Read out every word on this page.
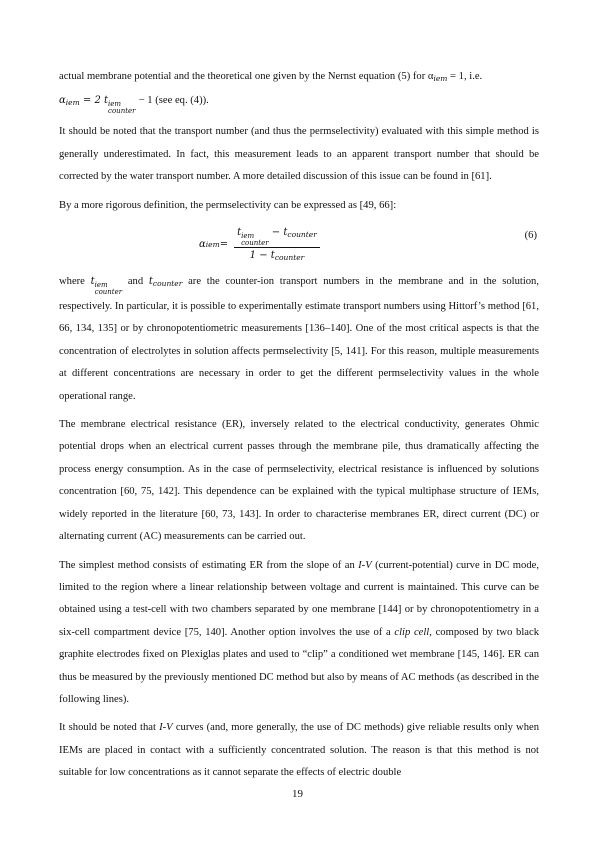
actual membrane potential and the theoretical one given by the Nernst equation (5) for $\alpha_{iem} = 1$, i.e.
$\alpha_{iem} = 2$ t iem
counter
− 1 (see eq. (4)).

It should be noted that the transport number (and thus the permselectivity) evaluated with this simple method is generally underestimated. In fact, this measurement leads to an apparent transport number that should be corrected by the water transport number. A more detailed discussion of this issue can be found in [61].

By a more rigorous definition, the permselectivity can be expressed as [49, 66]:

α iem = t iem
counter
− $t_{counter}$
$1 - t_{counter}$	(6)

where t iem
counter
and $t_{counter}$ are the counter-ion transport numbers in the membrane and in the solution, respectively. In particular, it is possible to experimentally estimate transport numbers using Hittorf’s method [61, 66, 134, 135] or by chronopotentiometric measurements [136–140]. One of the most critical aspects is that the concentration of electrolytes in solution affects permselectivity [5, 141]. For this reason, multiple measurements at different concentrations are necessary in order to get the different permselectivity values in the whole operational range.

The membrane electrical resistance (ER), inversely related to the electrical conductivity, generates Ohmic potential drops when an electrical current passes through the membrane pile, thus dramatically affecting the process energy consumption. As in the case of permselectivity, electrical resistance is influenced by solutions concentration [60, 75, 142]. This dependence can be explained with the typical multiphase structure of IEMs, widely reported in the literature [60, 73, 143]. In order to characterise membranes ER, direct current (DC) or alternating current (AC) measurements can be carried out.

The simplest method consists of estimating ER from the slope of an I-V (current-potential) curve in DC mode, limited to the region where a linear relationship between voltage and current is maintained. This curve can be obtained using a test-cell with two chambers separated by one membrane [144] or by chronopotentiometry in a six-cell compartment device [75, 140]. Another option involves the use of a clip cell, composed by two black graphite electrodes fixed on Plexiglas plates and used to “clip” a conditioned wet membrane [145, 146]. ER can thus be measured by the previously mentioned DC method but also by means of AC methods (as described in the following lines).

It should be noted that I-V curves (and, more generally, the use of DC methods) give reliable results only when IEMs are placed in contact with a sufficiently concentrated solution. The reason is that this method is not suitable for low concentrations as it cannot separate the effects of electric double

19
